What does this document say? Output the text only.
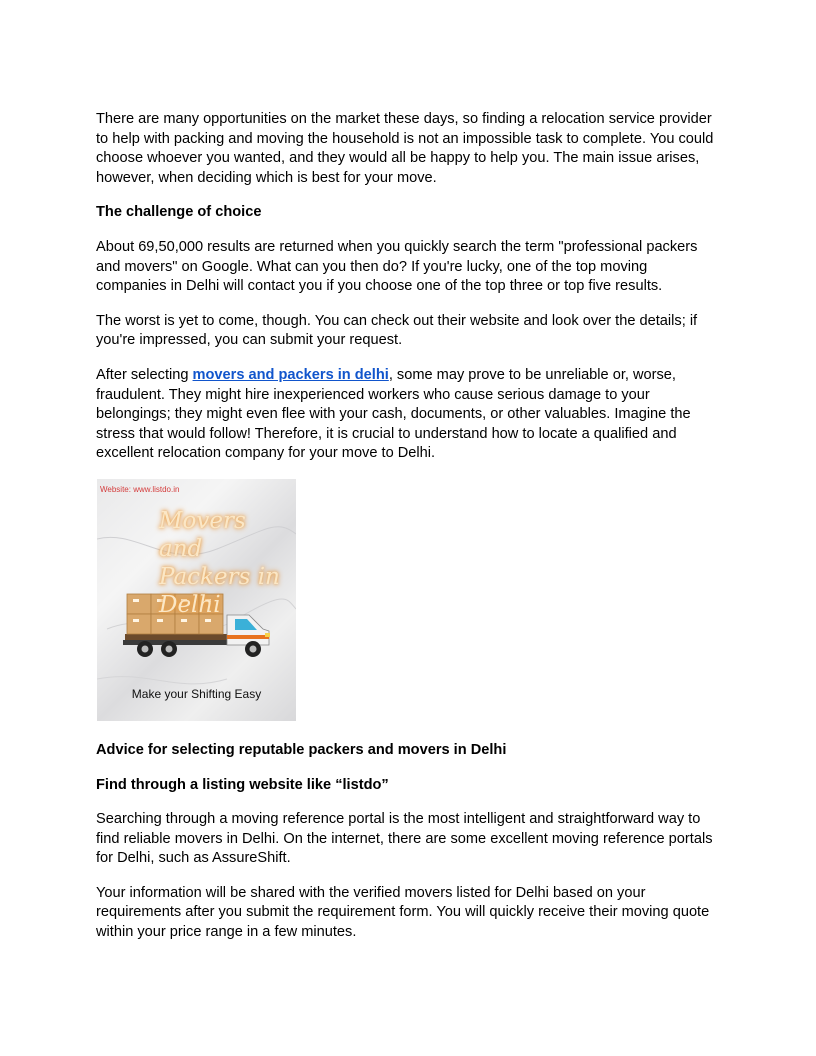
There are many opportunities on the market these days, so finding a relocation service provider to help with packing and moving the household is not an impossible task to complete. You could choose whoever you wanted, and they would all be happy to help you. The main issue arises, however, when deciding which is best for your move.

The challenge of choice

About 69,50,000 results are returned when you quickly search the term "professional packers and movers" on Google. What can you then do? If you're lucky, one of the top moving companies in Delhi will contact you if you choose one of the top three or top five results.

The worst is yet to come, though. You can check out their website and look over the details; if you're impressed, you can submit your request.

After selecting movers and packers in delhi, some may prove to be unreliable or, worse, fraudulent. They might hire inexperienced workers who cause serious damage to your belongings; they might even flee with your cash, documents, or other valuables. Imagine the stress that would follow! Therefore, it is crucial to understand how to locate a qualified and excellent relocation company for your move to Delhi.

Website: www.listdo.in
Movers and Packers in Delhi
Make your Shifting Easy

Advice for selecting reputable packers and movers in Delhi

Find through a listing website like “listdo”

Searching through a moving reference portal is the most intelligent and straightforward way to find reliable movers in Delhi. On the internet, there are some excellent moving reference portals for Delhi, such as AssureShift.

Your information will be shared with the verified movers listed for Delhi based on your requirements after you submit the requirement form. You will quickly receive their moving quote within your price range in a few minutes.
